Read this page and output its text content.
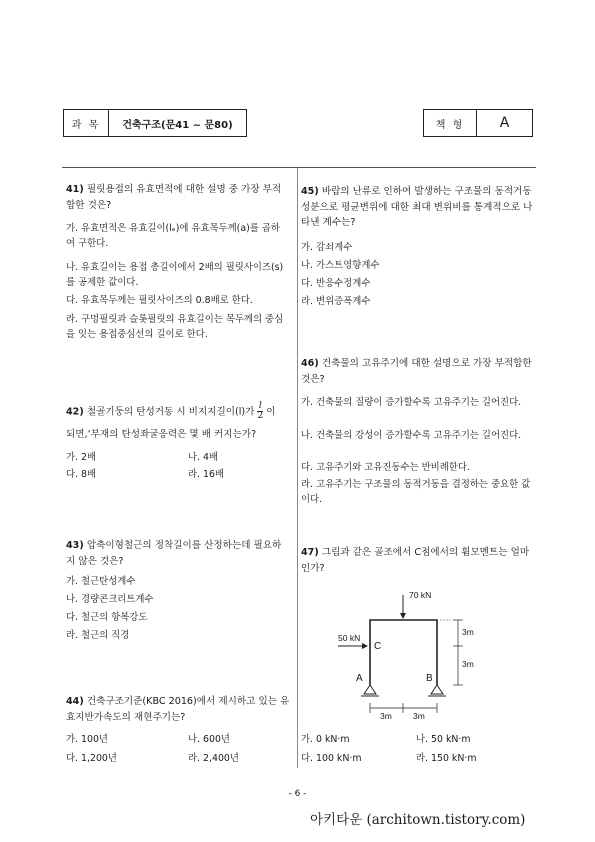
과 목	건축구조(문41 ~ 문80)	책 형	A
41) 필릿용접의 유효면적에 대한 설명 중 가장 부적합한 것은?
가. 유효면적은 유효길이(lₑ)에 유효목두께(a)를 곱하여 구한다.
나. 유효길이는 용접 총길이에서 2배의 필릿사이즈(s)를 공제한 값이다.
다. 유효목두께는 필릿사이즈의 0.8배로 한다.
라. 구멍필릿과 슬롯필릿의 유효길이는 목두께의 중심을 잇는 용접중심선의 길이로 한다.
42) 철골기둥의 탄성거동 시 비지지길이(l)가 $\frac{l}{2}$ 이
되면,‘부재의 탄성좌굴응력은 몇 배 커지는가?
가. 2배	나. 4배
다. 8배	라. 16배
43) 압축이형철근의 정착길이를 산정하는데 필요하지 않은 것은?
가. 철근탄성계수
나. 경량콘크리트계수
다. 철근의 항복강도
라. 철근의 직경
44) 건축구조기준(KBC 2016)에서 제시하고 있는 유효지반가속도의 재현주기는?
가. 100년	나. 600년
다. 1,200년	라. 2,400년
45) 바람의 난류로 인하여 발생하는 구조물의 동적거동성분으로 평균변위에 대한 최대 변위비를 통계적으로 나타낸 계수는?
가. 감쇠계수
나. 가스트영향계수
다. 반응수정계수
라. 변위증폭계수
46) 건축물의 고유주기에 대한 설명으로 가장 부적합한 것은?
가. 건축물의 질량이 증가할수록 고유주기는 길어진다.
나. 건축물의 강성이 증가할수록 고유주기는 길어진다.
다. 고유주기와 고유진동수는 반비례한다.
라. 고유주기는 구조물의 동적거동을 결정하는 중요한 값이다.
47) 그림과 같은 골조에서 C점에서의 휨모멘트는 얼마인가?
70 kN
50 kN
C
A	B
3m
3m
3m 3m
가. 0 kN·m	나. 50 kN·m
다. 100 kN·m	라. 150 kN·m
- 6 -
아키타운 (architown.tistory.com)
